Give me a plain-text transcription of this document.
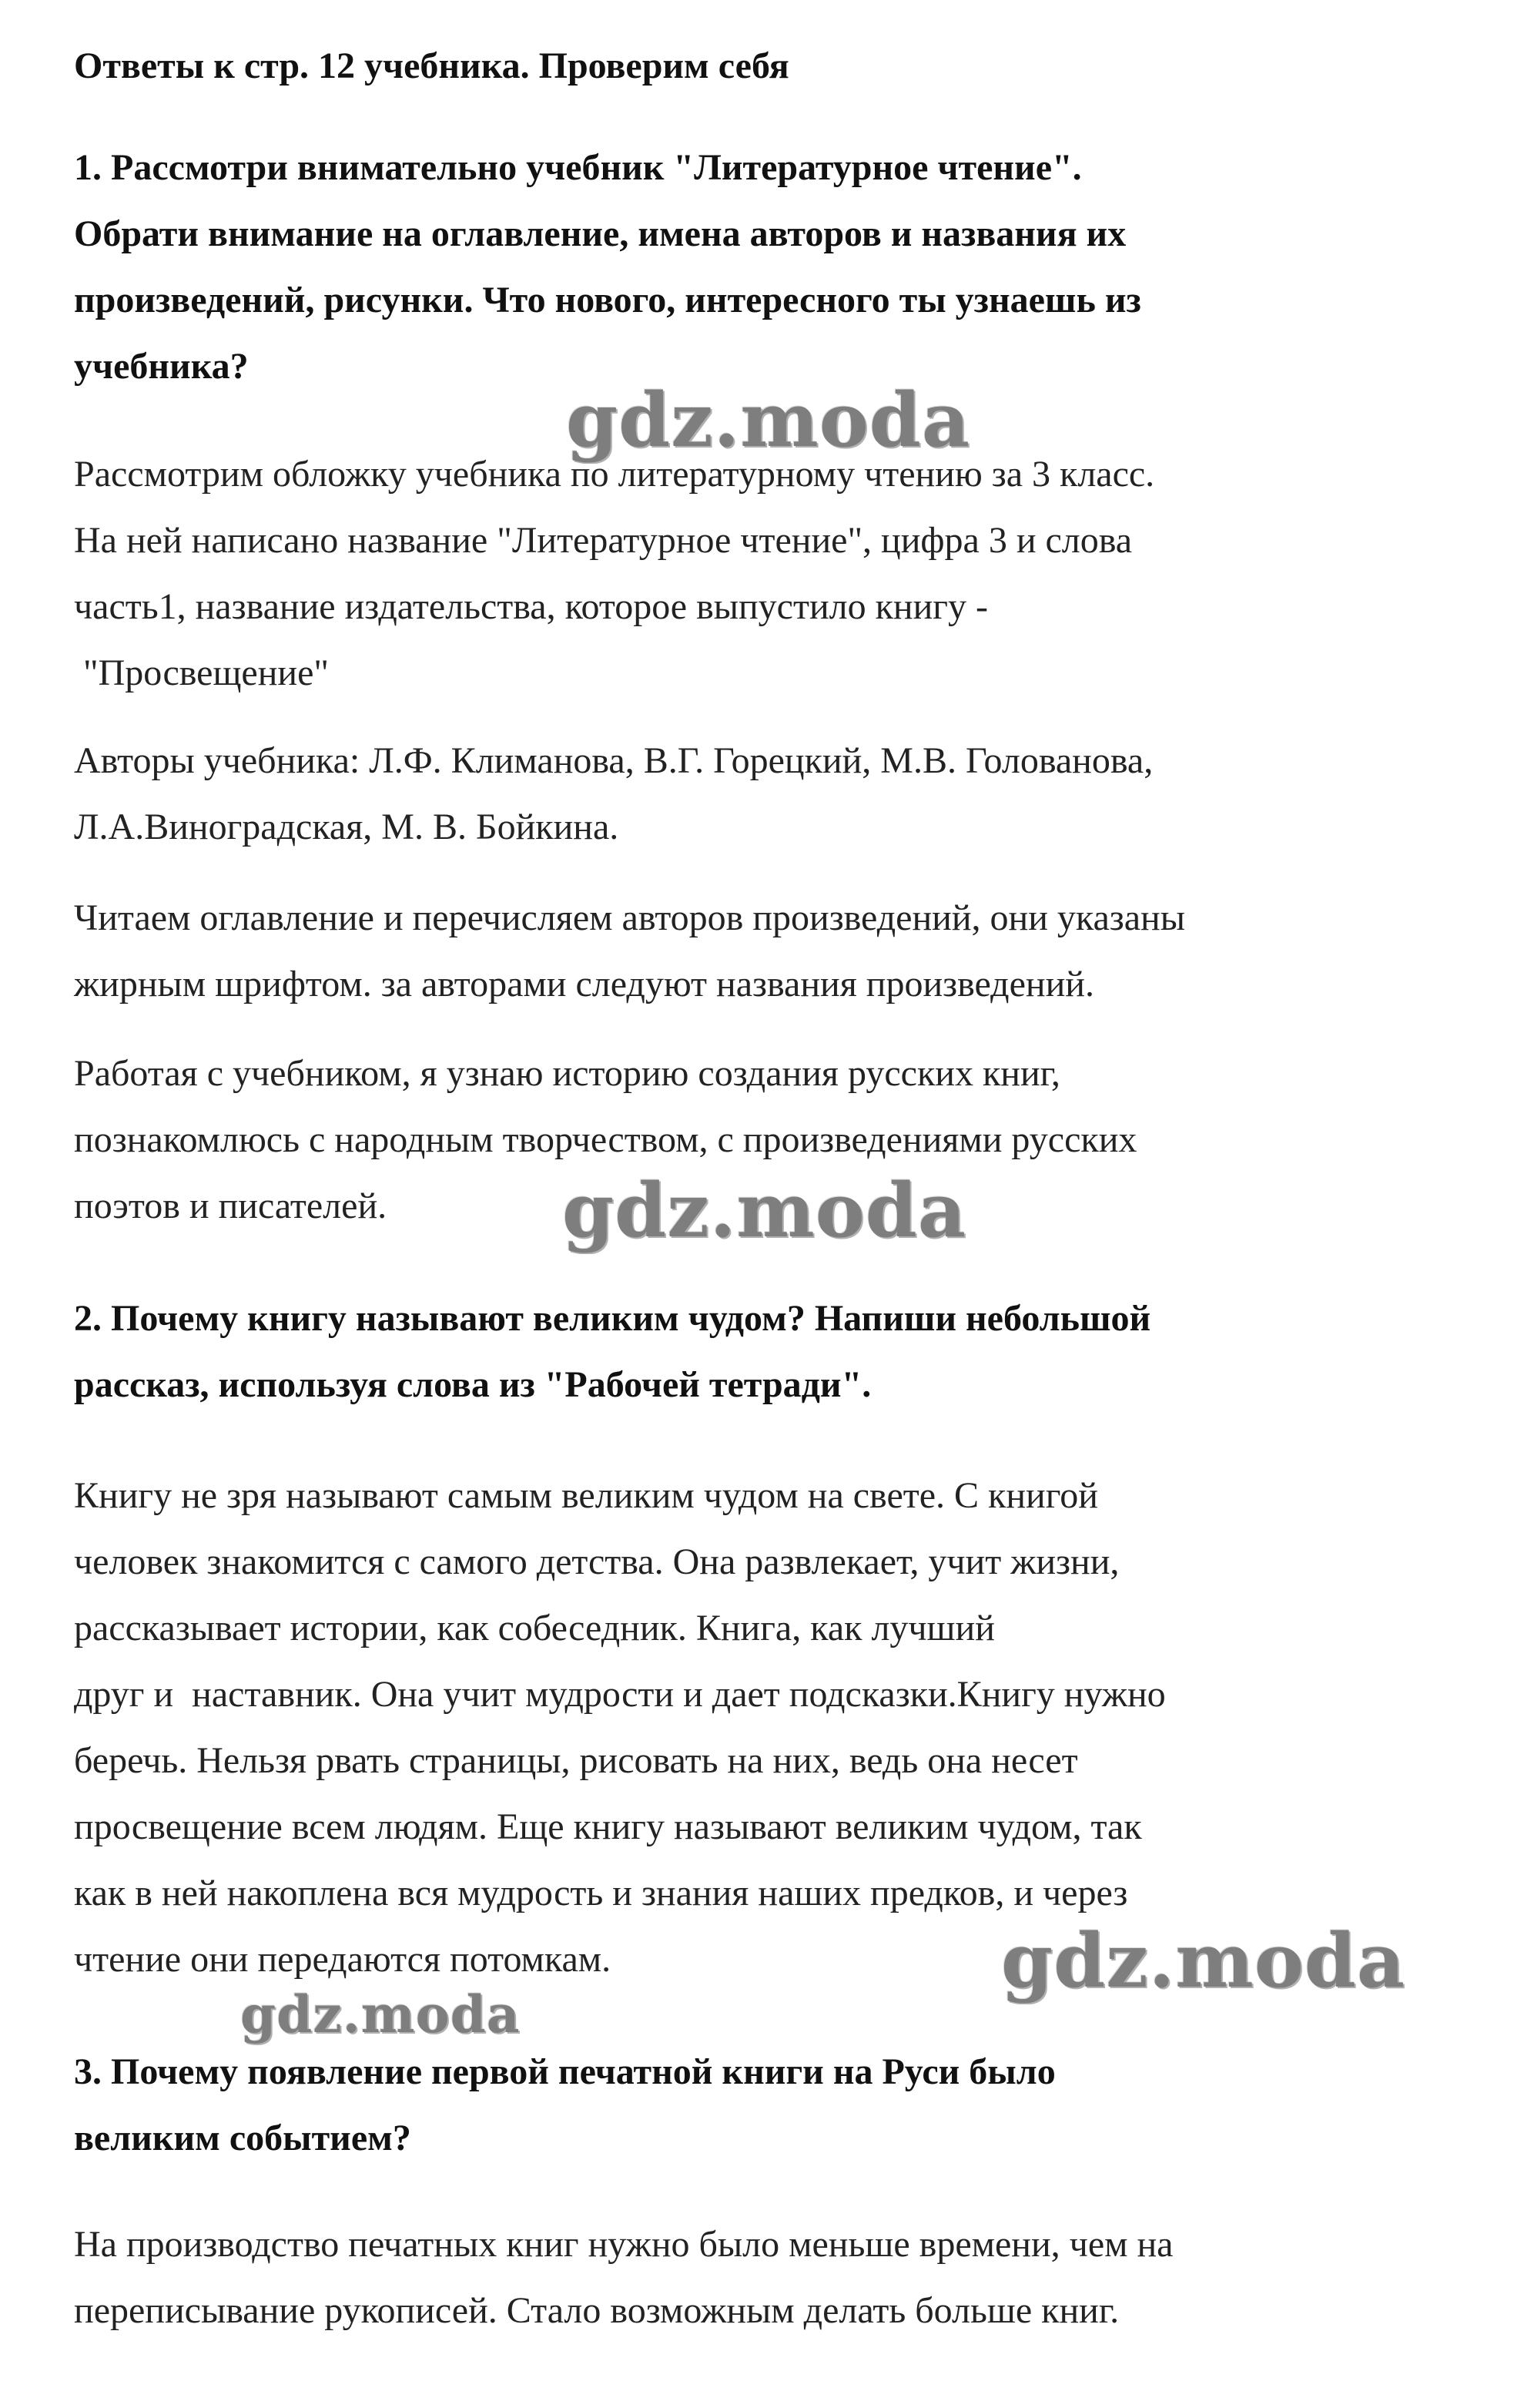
Ответы к стр. 12 учебника. Проверим себя

1. Рассмотри внимательно учебник "Литературное чтение".

Обрати внимание на оглавление, имена авторов и названия их

произведений, рисунки. Что нового, интересного ты узнаешь из

учебника?

Рассмотрим обложку учебника по литературному чтению за 3 класс.

На ней написано название "Литературное чтение", цифра 3 и слова

часть1, название издательства, которое выпустило книгу -

"Просвещение"

Авторы учебника: Л.Ф. Климанова, В.Г. Горецкий, М.В. Голованова,

Л.А.Виноградская, М. В. Бойкина.

Читаем оглавление и перечисляем авторов произведений, они указаны

жирным шрифтом. за авторами следуют названия произведений.

Работая с учебником, я узнаю историю создания русских книг,

познакомлюсь с народным творчеством, с произведениями русских

поэтов и писателей.

2. Почему книгу называют великим чудом? Напиши небольшой

рассказ, используя слова из "Рабочей тетради".

Книгу не зря называют самым великим чудом на свете. С книгой

человек знакомится с самого детства. Она развлекает, учит жизни,

рассказывает истории, как собеседник. Книга, как лучший

друг и  наставник. Она учит мудрости и дает подсказки.Книгу нужно

беречь. Нельзя рвать страницы, рисовать на них, ведь она несет

просвещение всем людям. Еще книгу называют великим чудом, так

как в ней накоплена вся мудрость и знания наших предков, и через

чтение они передаются потомкам.

3. Почему появление первой печатной книги на Руси было

великим событием?

На производство печатных книг нужно было меньше времени, чем на

переписывание рукописей. Стало возможным делать больше книг.

gdz.moda
gdz.moda
gdz.moda
gdz.moda
